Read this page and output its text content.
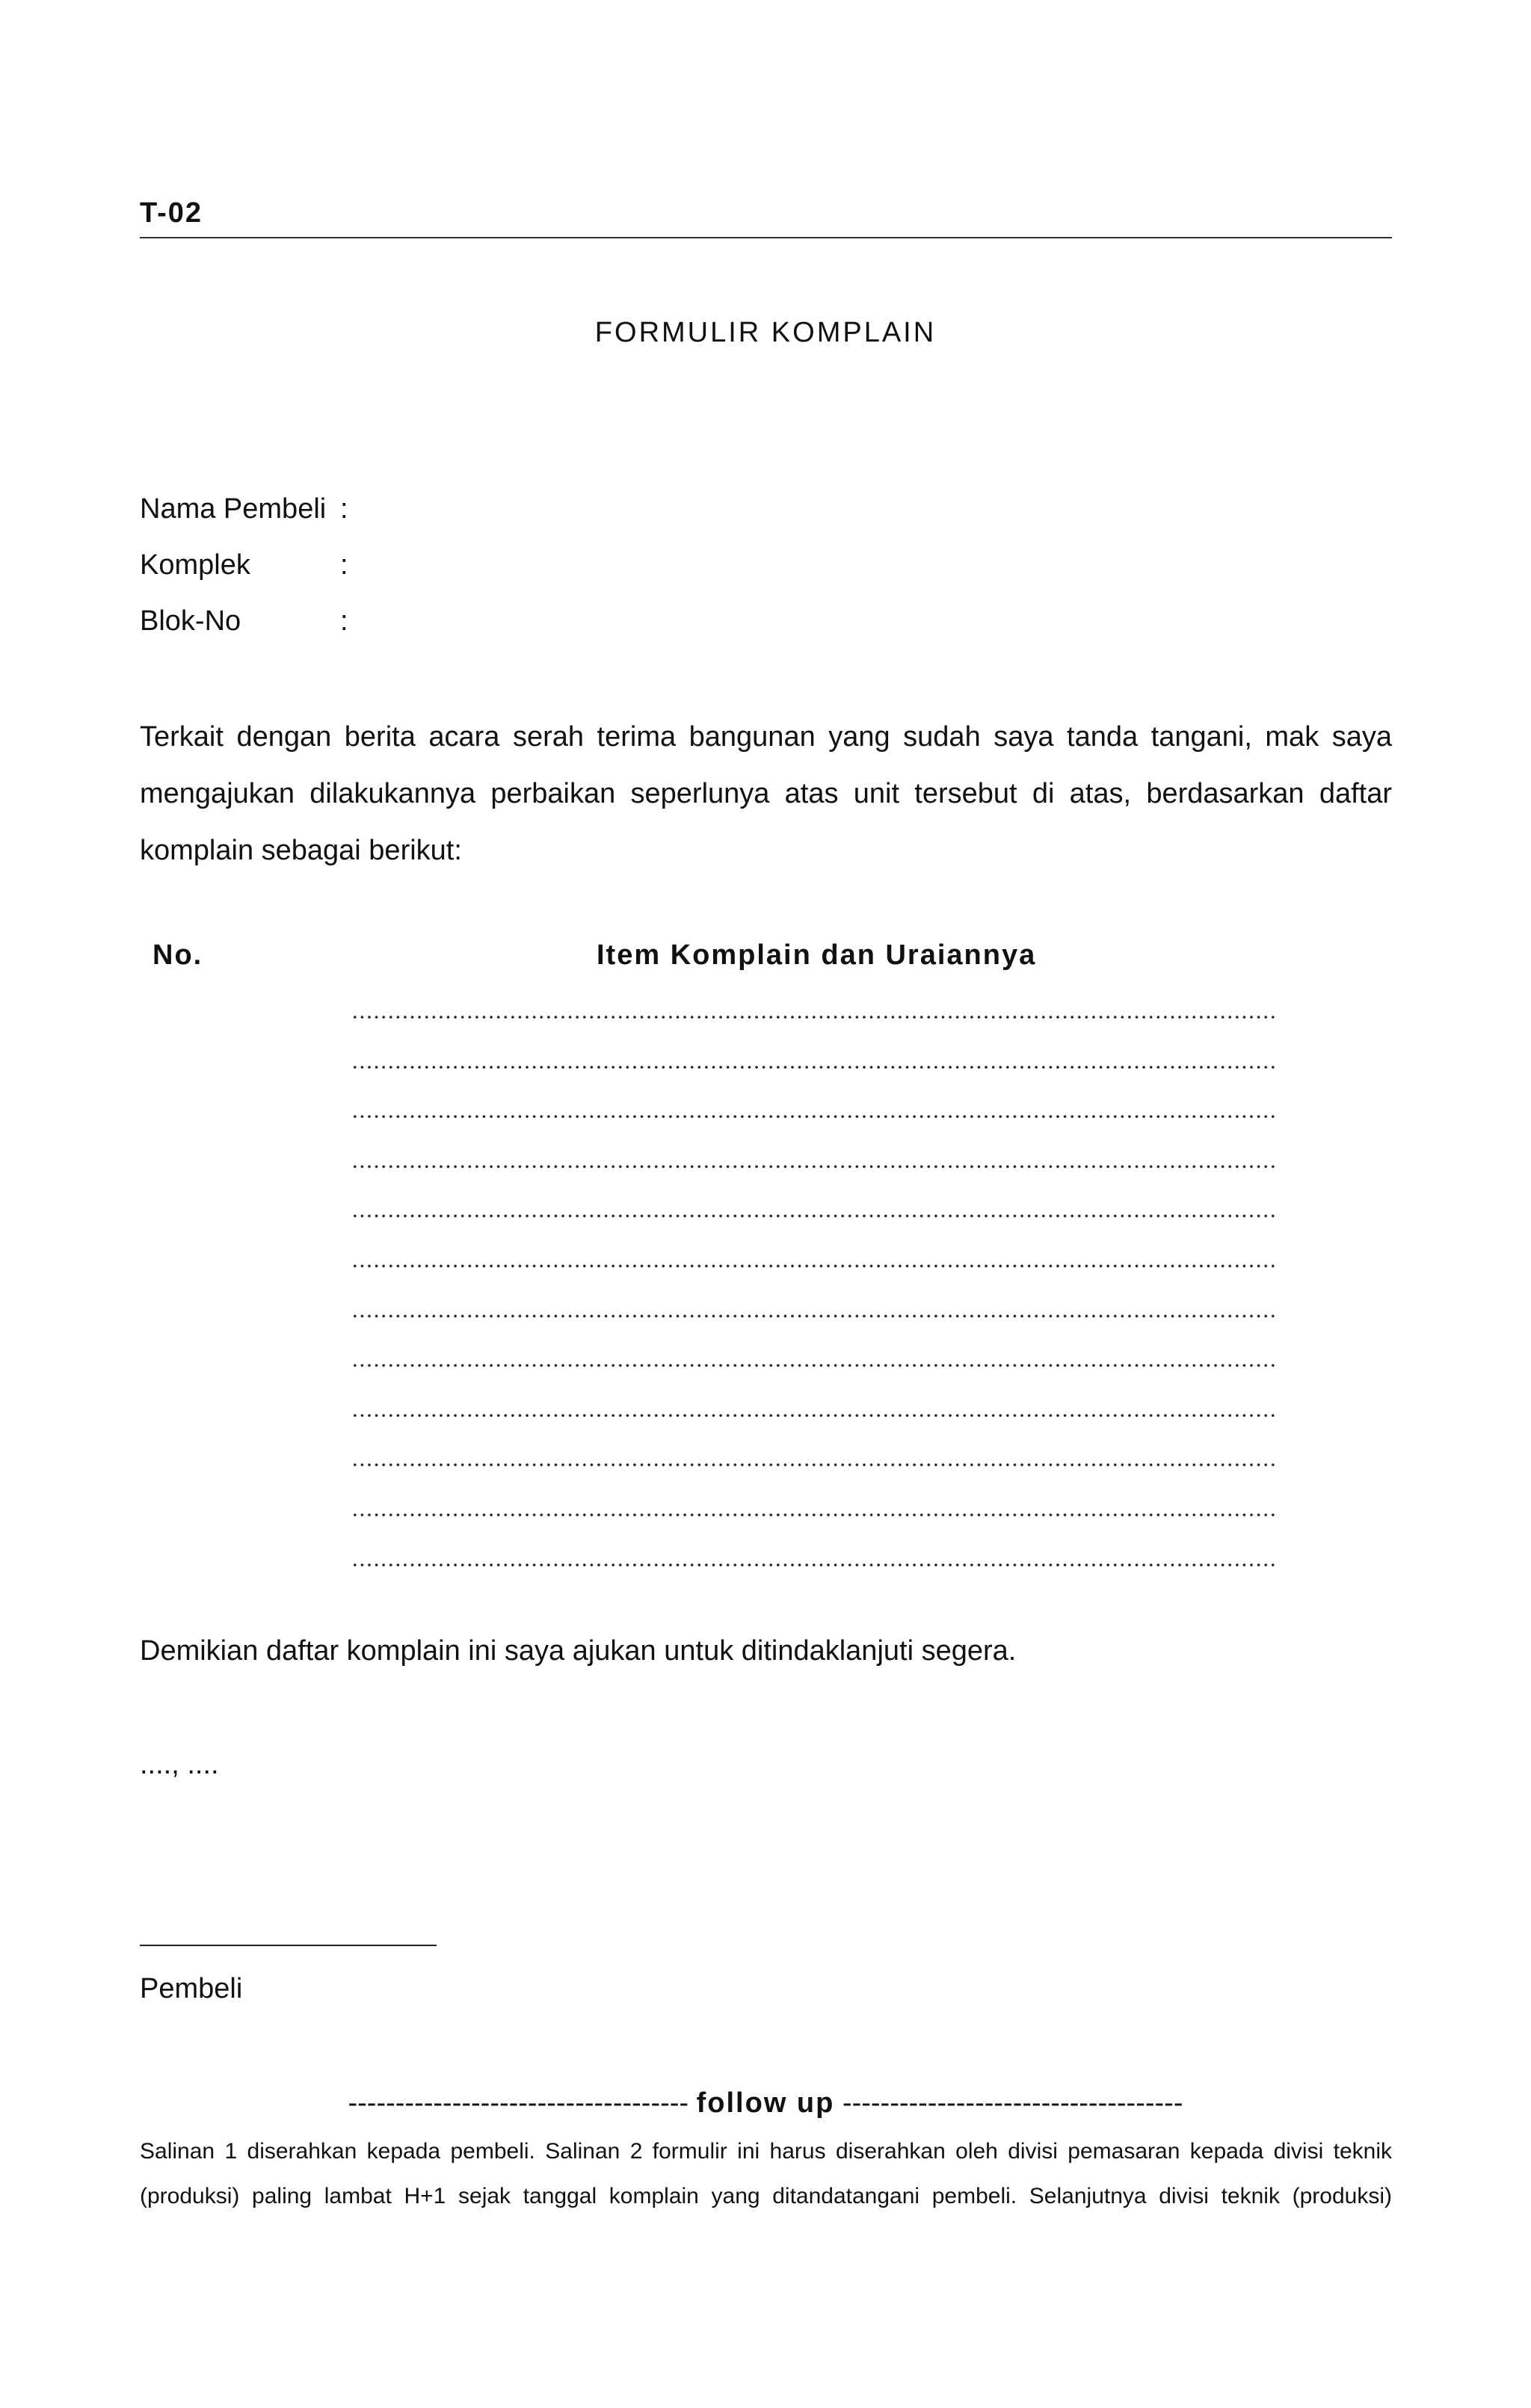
T-02
FORMULIR KOMPLAIN
Nama Pembeli :
Komplek	:
Blok-No	:
Terkait dengan berita acara serah terima bangunan yang sudah saya tanda tangani, mak saya
mengajukan dilakukannya perbaikan seperlunya atas unit tersebut di atas, berdasarkan daftar
komplain sebagai berikut:
No.	Item Komplain dan Uraiannya
Demikian daftar komplain ini saya ajukan untuk ditindaklanjuti segera.
...., ....
Pembeli
------------------------------------ follow up ------------------------------------
Salinan 1 diserahkan kepada pembeli. Salinan 2 formulir ini harus diserahkan oleh divisi pemasaran kepada divisi teknik
(produksi) paling lambat H+1 sejak tanggal komplain yang ditandatangani pembeli. Selanjutnya divisi teknik (produksi)
